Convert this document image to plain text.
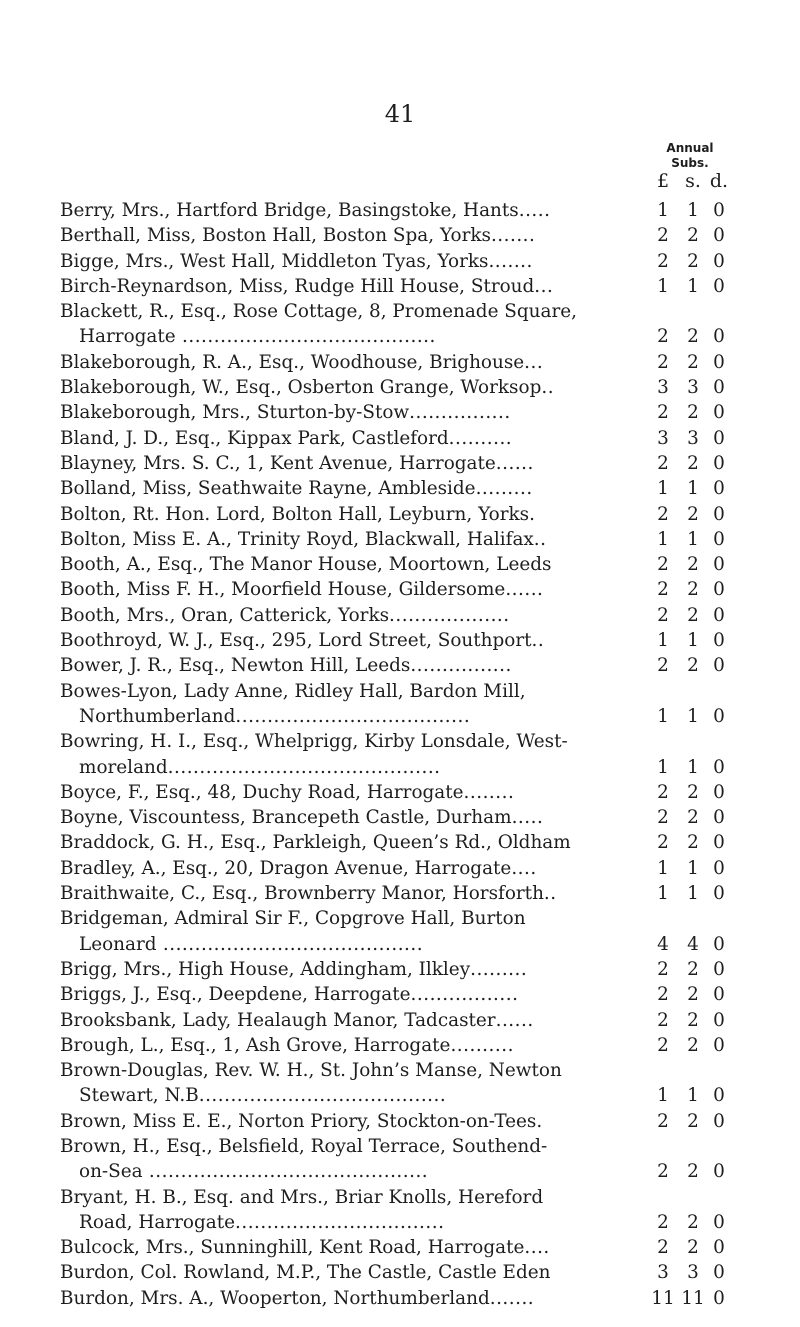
41
Annual
Subs.
£ s. d.
Berry, Mrs., Hartford Bridge, Basingstoke, Hants.....	1 1 0
Berthall, Miss, Boston Hall, Boston Spa, Yorks.......	2 2 0
Bigge, Mrs., West Hall, Middleton Tyas, Yorks.......	2 2 0
Birch-Reynardson, Miss, Rudge Hill House, Stroud...	1 1 0
Blackett, R., Esq., Rose Cottage, 8, Promenade Square,
Harrogate ........................................	2 2 0
Blakeborough, R. A., Esq., Woodhouse, Brighouse...	2 2 0
Blakeborough, W., Esq., Osberton Grange, Worksop..	3 3 0
Blakeborough, Mrs., Sturton-by-Stow................	2 2 0
Bland, J. D., Esq., Kippax Park, Castleford..........	3 3 0
Blayney, Mrs. S. C., 1, Kent Avenue, Harrogate......	2 2 0
Bolland, Miss, Seathwaite Rayne, Ambleside.........	1 1 0
Bolton, Rt. Hon. Lord, Bolton Hall, Leyburn, Yorks.	2 2 0
Bolton, Miss E. A., Trinity Royd, Blackwall, Halifax..	1 1 0
Booth, A., Esq., The Manor House, Moortown, Leeds	2 2 0
Booth, Miss F. H., Moorfield House, Gildersome......	2 2 0
Booth, Mrs., Oran, Catterick, Yorks...................	2 2 0
Boothroyd, W. J., Esq., 295, Lord Street, Southport..	1 1 0
Bower, J. R., Esq., Newton Hill, Leeds................	2 2 0
Bowes-Lyon, Lady Anne, Ridley Hall, Bardon Mill,
Northumberland.....................................	1 1 0
Bowring, H. I., Esq., Whelprigg, Kirby Lonsdale, West-
moreland...........................................	1 1 0
Boyce, F., Esq., 48, Duchy Road, Harrogate........	2 2 0
Boyne, Viscountess, Brancepeth Castle, Durham.....	2 2 0
Braddock, G. H., Esq., Parkleigh, Queen’s Rd., Oldham	2 2 0
Bradley, A., Esq., 20, Dragon Avenue, Harrogate....	1 1 0
Braithwaite, C., Esq., Brownberry Manor, Horsforth..	1 1 0
Bridgeman, Admiral Sir F., Copgrove Hall, Burton
Leonard .........................................	4 4 0
Brigg, Mrs., High House, Addingham, Ilkley.........	2 2 0
Briggs, J., Esq., Deepdene, Harrogate.................	2 2 0
Brooksbank, Lady, Healaugh Manor, Tadcaster......	2 2 0
Brough, L., Esq., 1, Ash Grove, Harrogate..........	2 2 0
Brown-Douglas, Rev. W. H., St. John’s Manse, Newton
Stewart, N.B.......................................	1 1 0
Brown, Miss E. E., Norton Priory, Stockton-on-Tees.	2 2 0
Brown, H., Esq., Belsfield, Royal Terrace, Southend-
on-Sea ............................................	2 2 0
Bryant, H. B., Esq. and Mrs., Briar Knolls, Hereford
Road, Harrogate.................................	2 2 0
Bulcock, Mrs., Sunninghill, Kent Road, Harrogate....	2 2 0
Burdon, Col. Rowland, M.P., The Castle, Castle Eden	3 3 0
Burdon, Mrs. A., Wooperton, Northumberland.......	11 11 0
